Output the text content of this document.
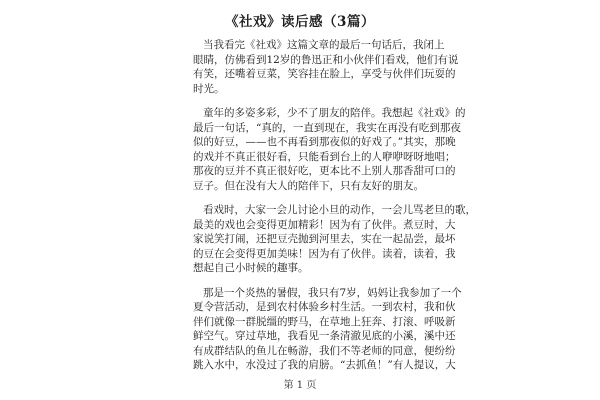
《社戏》读后感（3篇）
当我看完《社戏》这篇文章的最后一句话后，我闭上
眼睛，仿佛看到12岁的鲁迅正和小伙伴们看戏，他们有说
有笑，还嘴着豆菜，笑容挂在脸上，享受与伙伴们玩耍的
时光。
童年的多姿多彩，少不了朋友的陪伴。我想起《社戏》的
最后一句话，“真的，一直到现在，我实在再没有吃到那夜
似的好豆，——也不再看到那夜似的好戏了。”其实，那晚
的戏并不真正很好看，只能看到台上的人咿咿呀呀地唱；
那夜的豆并不真正很好吃，更本比不上别人那香甜可口的
豆子。但在没有大人的陪伴下，只有友好的朋友。
看戏时，大家一会儿讨论小旦的动作，一会儿骂老旦的歌，
最美的戏也会变得更加精彩！因为有了伙伴。煮豆时，大
家说笑打闹，还把豆壳抛到河里去，实在一起品尝，最坏
的豆在会变得更加美味！因为有了伙伴。读着，读着，我
想起自己小时候的趣事。
那是一个炎热的暑假，我只有7岁，妈妈让我参加了一个
夏令营活动，是到农村体验乡村生活。一到农村，我和伙
伴们就像一群脱缰的野马，在草地上狂奔、打滚、呼吸新
鲜空气。穿过草地，我看见一条清澈见底的小溪，溪中还
有成群结队的鱼儿在畅游，我们不等老师的同意，便纷纷
跳入水中，水没过了我的肩膀。“去抓鱼！”有人提议，大
第 1 页
